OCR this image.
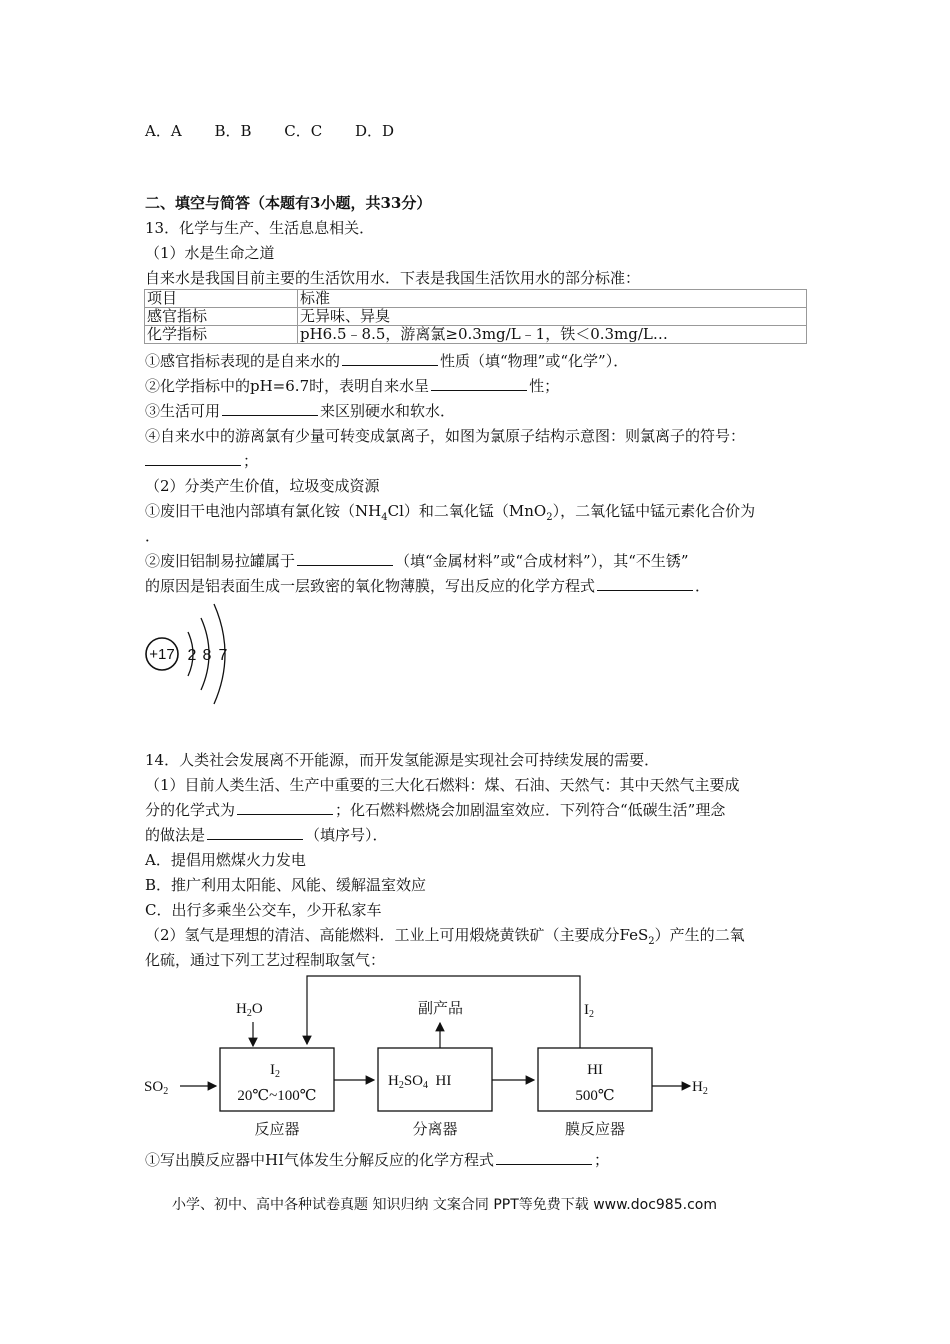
A．A B．B C．C D．D
二、填空与简答（本题有3小题，共33分）
13．化学与生产、生活息息相关．
（1）水是生命之道
自来水是我国目前主要的生活饮用水．下表是我国生活饮用水的部分标准：
项目	标准
感官指标	无异味、异臭
化学指标	pH6.5﹣8.5，游离氯≥0.3mg/L﹣1，铁＜0.3mg/L…
①感官指标表现的是自来水的	性质（填“物理”或“化学”）．
②化学指标中的pH=6.7时，表明自来水呈	性；
③生活可用	来区别硬水和软水．
④自来水中的游离氯有少量可转变成氯离子，如图为氯原子结构示意图：则氯离子的符号：
；
（2）分类产生价值，垃圾变成资源
①废旧干电池内部填有氯化铵$(NH_4Cl)$和二氧化锰（MnO$_2$），二氧化锰中锰元素化合价为
．
②废旧铝制易拉罐属于	（填“金属材料”或“合成材料”），其“不生锈”
的原因是铝表面生成一层致密的氧化物薄膜，写出反应的化学方程式	．
+17 2 8 7
14．人类社会发展离不开能源，而开发氢能源是实现社会可持续发展的需要．
（1）目前人类生活、生产中重要的三大化石燃料：煤、石油、天然气：其中天然气主要成
分的化学式为	；化石燃料燃烧会加剧温室效应．下列符合“低碳生活”理念
的做法是	（填序号）．
A．提倡用燃煤火力发电
B．推广利用太阳能、风能、缓解温室效应
C．出行多乘坐公交车，少开私家车
（2）氢气是理想的清洁、高能燃料．工业上可用煅烧黄铁矿（主要成分FeS$_2$）产生的二氧
化硫，通过下列工艺过程制取氢气：
$H_2O$	$I_2$
副产品
$SO_2$
$I_2$
20℃~100℃
反应器
$H_2SO_4$  HI
分离器
HI
500℃
膜反应器
$H_2$
①写出膜反应器中HI气体发生分解反应的化学方程式	；
小学、初中、高中各种试卷真题 知识归纳 文案合同 PPT等免费下载 www.doc985.com
